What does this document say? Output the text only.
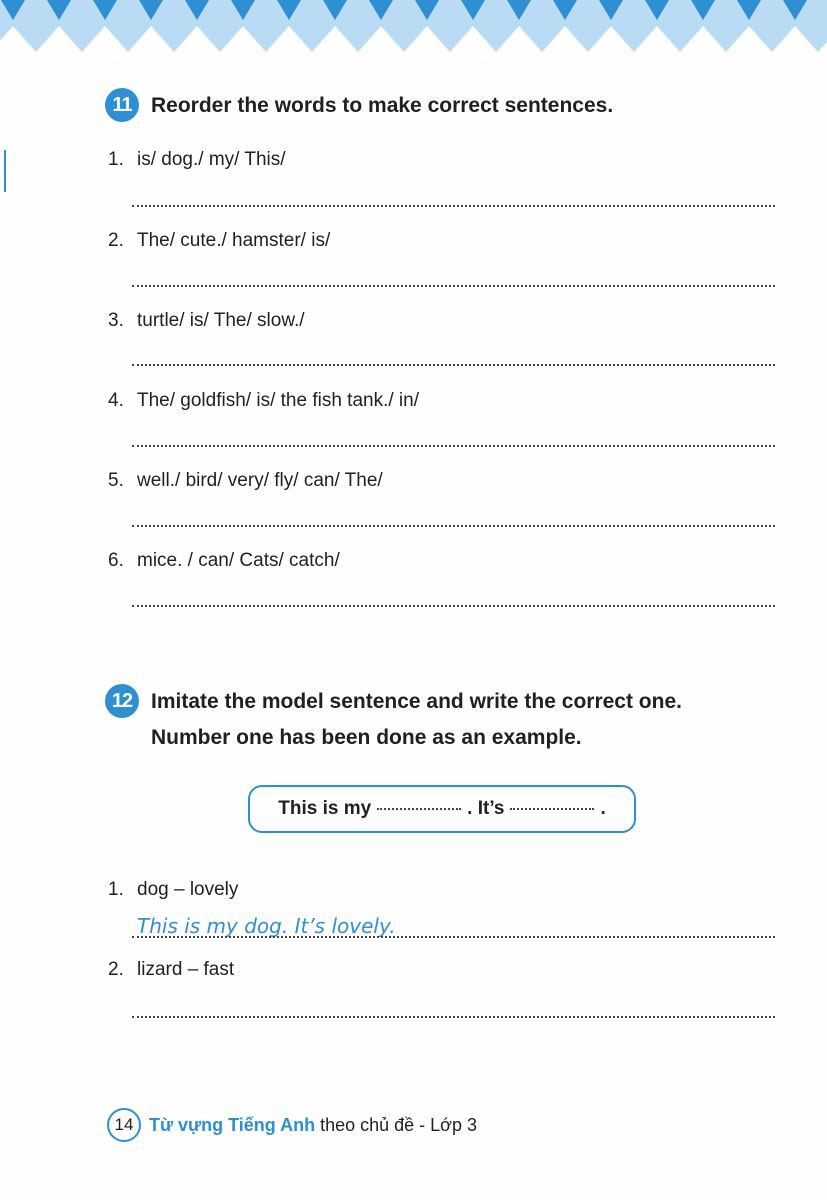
11 Reorder the words to make correct sentences.
1. is/ dog./ my/ This/
2. The/ cute./ hamster/ is/
3. turtle/ is/ The/ slow./
4. The/ goldfish/ is/ the fish tank./ in/
5. well./ bird/ very/ fly/ can/ The/
6. mice. / can/ Cats/ catch/
12 Imitate the model sentence and write the correct one.
Number one has been done as an example.
This is my	. It’s	.
1. dog – lovely
This is my dog. It’s lovely.
2. lizard – fast
14 Từ vựng Tiếng Anh theo chủ đề - Lớp 3
